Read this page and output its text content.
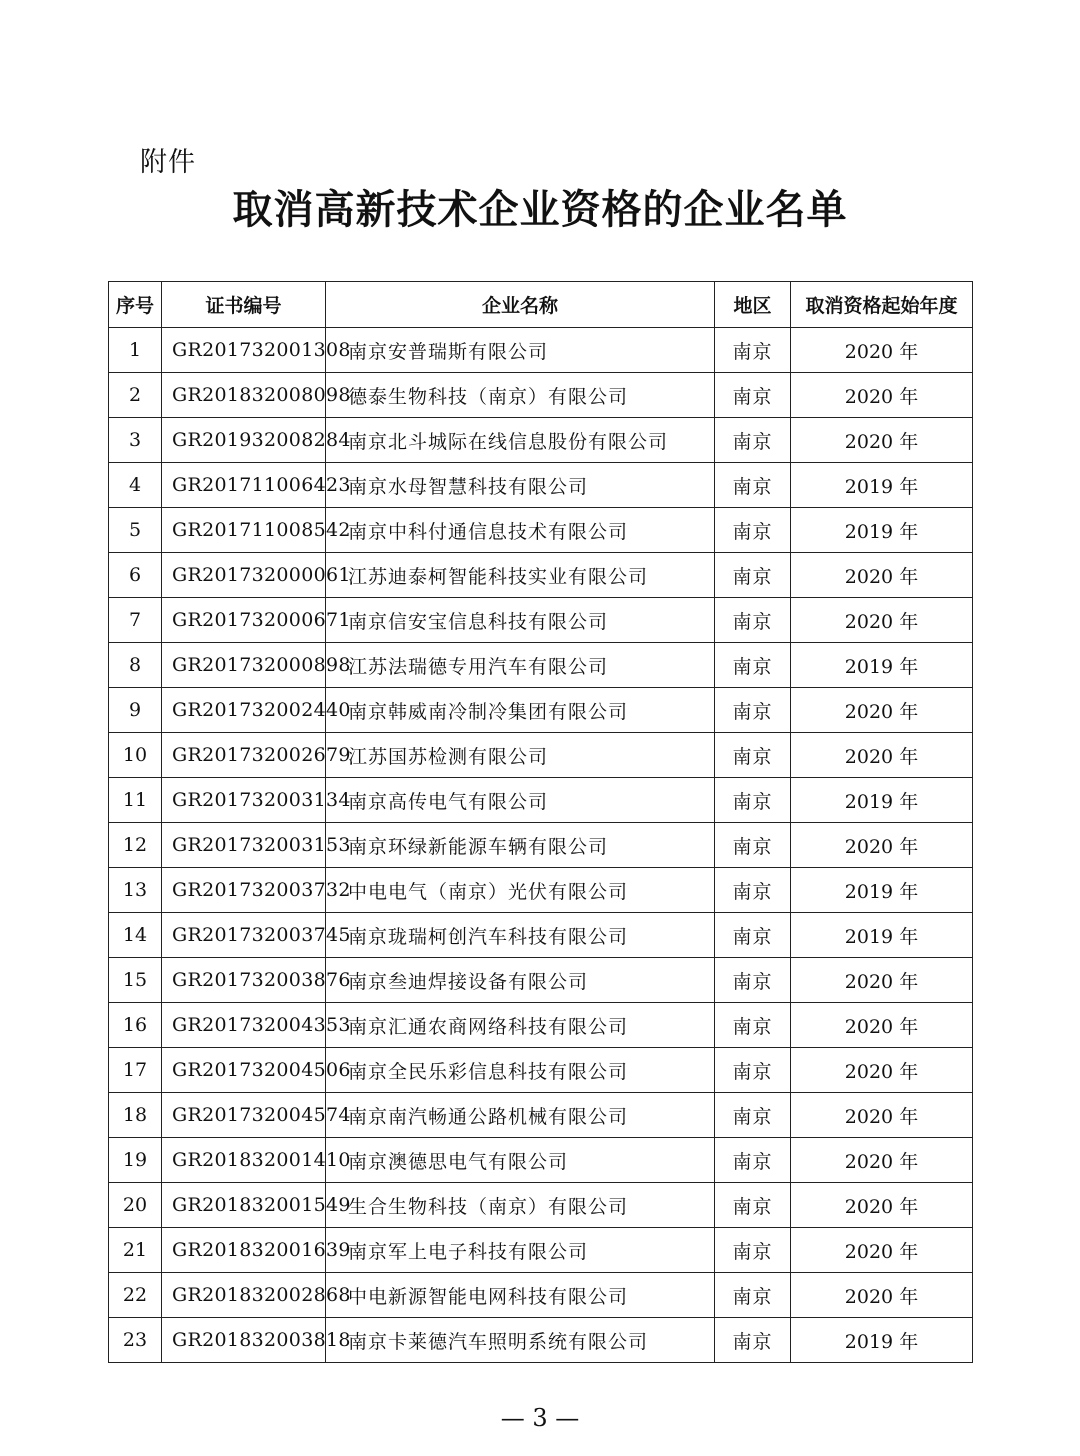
附件
取消高新技术企业资格的企业名单
序号	证书编号	企业名称	地区	取消资格起始年度
1	GR201732001308	南京安普瑞斯有限公司	南京	2020 年
2	GR201832008098	德泰生物科技（南京）有限公司	南京	2020 年
3	GR201932008284	南京北斗城际在线信息股份有限公司	南京	2020 年
4	GR201711006423	南京水母智慧科技有限公司	南京	2019 年
5	GR201711008542	南京中科付通信息技术有限公司	南京	2019 年
6	GR201732000061	江苏迪泰柯智能科技实业有限公司	南京	2020 年
7	GR201732000671	南京信安宝信息科技有限公司	南京	2020 年
8	GR201732000898	江苏法瑞德专用汽车有限公司	南京	2019 年
9	GR201732002440	南京韩威南冷制冷集团有限公司	南京	2020 年
10	GR201732002679	江苏国苏检测有限公司	南京	2020 年
11	GR201732003134	南京高传电气有限公司	南京	2019 年
12	GR201732003153	南京环绿新能源车辆有限公司	南京	2020 年
13	GR201732003732	中电电气（南京）光伏有限公司	南京	2019 年
14	GR201732003745	南京珑瑞柯创汽车科技有限公司	南京	2019 年
15	GR201732003876	南京叁迪焊接设备有限公司	南京	2020 年
16	GR201732004353	南京汇通农商网络科技有限公司	南京	2020 年
17	GR201732004506	南京全民乐彩信息科技有限公司	南京	2020 年
18	GR201732004574	南京南汽畅通公路机械有限公司	南京	2020 年
19	GR201832001410	南京澳德思电气有限公司	南京	2020 年
20	GR201832001549	生合生物科技（南京）有限公司	南京	2020 年
21	GR201832001639	南京军上电子科技有限公司	南京	2020 年
22	GR201832002868	中电新源智能电网科技有限公司	南京	2020 年
23	GR201832003818	南京卡莱德汽车照明系统有限公司	南京	2019 年
— 3 —
